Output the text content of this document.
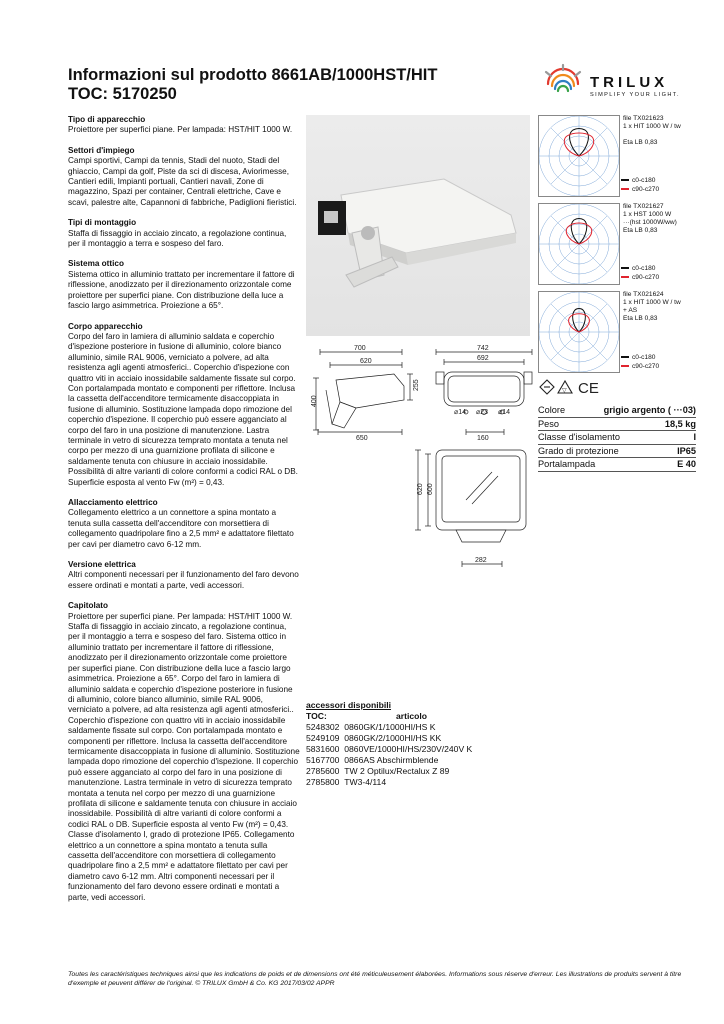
Informazioni sul prodotto 8661AB/1000HST/HIT
TOC: 5170250
TRILUX
SIMPLIFY YOUR LIGHT.
Tipo di apparecchio
Proiettore per superfici piane. Per lampada: HST/HIT 1000 W.
Settori d'impiego
Campi sportivi, Campi da tennis, Stadi del nuoto, Stadi del ghiaccio, Campi da golf, Piste da sci di discesa, Aviorimesse, Cantieri edili, Impianti portuali, Cantieri navali, Zone di magazzino, Spazi per container, Centrali elettriche, Cave e scavi, palestre alte, Capannoni di fabbriche, Padiglioni fieristici.
Tipi di montaggio
Staffa di fissaggio in acciaio zincato, a regolazione continua, per il montaggio a terra e sospeso del faro.
Sistema ottico
Sistema ottico in alluminio trattato per incrementare il fattore di riflessione, anodizzato per il direzionamento orizzontale come proiettore per superfici piane. Con distribuzione della luce a fascio largo asimmetrica. Proiezione a 65°.
Corpo apparecchio
Corpo del faro in lamiera di alluminio saldata e coperchio d'ispezione posteriore in fusione di alluminio, colore bianco alluminio, simile RAL 9006, verniciato a polvere, ad alta resistenza agli agenti atmosferici.. Coperchio d'ispezione con quattro viti in acciaio inossidabile saldamente fissate sul corpo. Con portalampada montato e componenti per riflettore. Inclusa la cassetta dell'accenditore termicamente disaccoppiata in fusione di alluminio. Sostituzione lampada dopo rimozione del coperchio d'ispezione. Il coperchio può essere agganciato al corpo del faro in una posizione di manutenzione. Lastra terminale in vetro di sicurezza temprato montata a tenuta nel corpo per mezzo di una guarnizione profilata di silicone e saldamente tenuta con chiusure in acciaio inossidabile. Possibilità di altre varianti di colore conformi a codici RAL o DB. Superficie esposta al vento Fw (m²) = 0,43.
Allacciamento elettrico
Collegamento elettrico a un connettore a spina montato a tenuta sulla cassetta dell'accenditore con morsettiera di collegamento quadripolare fino a 2,5 mm² e adattatore filettato per cavi per diametro cavo 6-12 mm.
Versione elettrica
Altri componenti necessari per il funzionamento del faro devono essere ordinati e montati a parte, vedi accessori.
Capitolato
Proiettore per superfici piane. Per lampada: HST/HIT 1000 W. Staffa di fissaggio in acciaio zincato, a regolazione continua, per il montaggio a terra e sospeso del faro. Sistema ottico in alluminio trattato per incrementare il fattore di riflessione, anodizzato per il direzionamento orizzontale come proiettore per superfici piane. Con distribuzione della luce a fascio largo asimmetrica. Proiezione a 65°. Corpo del faro in lamiera di alluminio saldata e coperchio d'ispezione posteriore in fusione di alluminio, colore bianco alluminio, simile RAL 9006, verniciato a polvere, ad alta resistenza agli agenti atmosferici.. Coperchio d'ispezione con quattro viti in acciaio inossidabile saldamente fissate sul corpo. Con portalampada montato e componenti per riflettore. Inclusa la cassetta dell'accenditore termicamente disaccoppiata in fusione di alluminio. Sostituzione lampada dopo rimozione del coperchio d'ispezione. Il coperchio può essere agganciato al corpo del faro in una posizione di manutenzione. Lastra terminale in vetro di sicurezza temprato montata a tenuta nel corpo per mezzo di una guarnizione profilata di silicone e saldamente tenuta con chiusure in acciaio inossidabile. Possibilità di altre varianti di colore conformi a codici RAL o DB. Superficie esposta al vento Fw (m²) = 0,43. Classe d'isolamento I, grado di protezione IP65. Collegamento elettrico a un connettore a spina montato a tenuta sulla cassetta dell'accenditore con morsettiera di collegamento quadripolare fino a 2,5 mm² e adattatore filettato per cavi per diametro cavo 6-12 mm. Altri componenti necessari per il funzionamento del faro devono essere ordinati e montati a parte, vedi accessori.
file TX021623
1 x HIT 1000 W / tw
Eta LB 0,83
c0-c180
c90-c270
file TX021627
1 x HST 1000 W
···(hst 1000W/ww)
Eta LB 0,83
c0-c180
c90-c270
file TX021624
1 x HIT 1000 W / tw
+ AS
Eta LB 0,83
c0-c180
c90-c270
▽ CE
Colore	grigio argento ( ···03)
Peso	18,5 kg
Classe d'isolamento	I
Grado di protezione	IP65
Portalampada	E 40
700
620
400
255
650
742
692
⌀14 ⌀23 ⌀14
160
620 600
282
accessori disponibili
TOC:	articolo
5248302 0860GK/1/1000HI/HS K
5249109 0860GK/2/1000HI/HS KK
5831600 0860VE/1000HI/HS/230V/240V K
5167700 0866AS Abschirmblende
2785600 TW 2 Optilux/Rectalux Z 89
2785800 TW3-4/114
Toutes les caractéristiques techniques ainsi que les indications de poids et de dimensions ont été méticuleusement élaborées. Informations sous réserve d'erreur. Les illustrations de produits servent à titre d'exemple et peuvent différer de l'original. © TRILUX GmbH & Co. KG 2017/03/02 APPR
